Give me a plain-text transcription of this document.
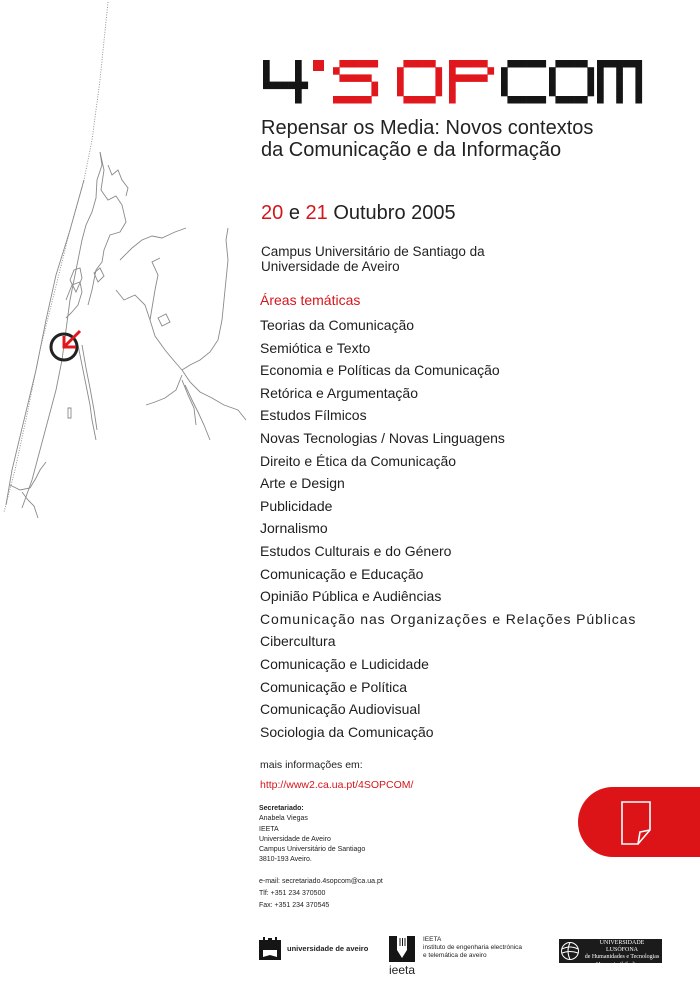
Repensar os Media: Novos contextos
da Comunicação e da Informação
20 e 21 Outubro 2005
Campus Universitário de Santiago da
Universidade de Aveiro
Áreas temáticas
Teorias da Comunicação
Semiótica e Texto
Economia e Políticas da Comunicação
Retórica e Argumentação
Estudos Fílmicos
Novas Tecnologias / Novas Linguagens
Direito e Ética da Comunicação
Arte e Design
Publicidade
Jornalismo
Estudos Culturais e do Género
Comunicação e Educação
Opinião Pública e Audiências
Comunicação nas Organizações e Relações Públicas
Cibercultura
Comunicação e Ludicidade
Comunicação e Política
Comunicação Audiovisual
Sociologia da Comunicação
mais informações em:
http://www2.ca.ua.pt/4SOPCOM/
Secretariado:
Anabela Viegas
IEETA
Universidade de Aveiro
Campus Universitário de Santiago
3810-193 Aveiro.
e-mail: secretariado.4sopcom@ca.ua.pt
Tlf: +351 234 370500
Fax: +351 234 370545
universidade de aveiro
ieeta
IEETA
instituto de engenharia electrónica
e telemática de aveiro
UNIVERSIDADE LUSÓFONA
de Humanidades e Tecnologias
Humani nihil alienum
